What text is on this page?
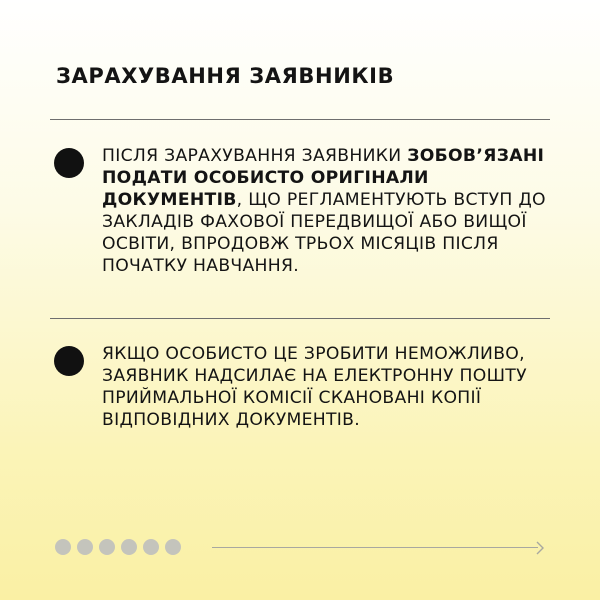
ЗАРАХУВАННЯ ЗАЯВНИКІВ
ПІСЛЯ ЗАРАХУВАННЯ ЗАЯВНИКИ ЗОБОВ’ЯЗАНІ ПОДАТИ ОСОБИСТО ОРИГІНАЛИ ДОКУМЕНТІВ, ЩО РЕГЛАМЕНТУЮТЬ ВСТУП ДО ЗАКЛАДІВ ФАХОВОЇ ПЕРЕДВИЩОЇ АБО ВИЩОЇ ОСВІТИ, ВПРОДОВЖ ТРЬОХ МІСЯЦІВ ПІСЛЯ ПОЧАТКУ НАВЧАННЯ.
ЯКЩО ОСОБИСТО ЦЕ ЗРОБИТИ НЕМОЖЛИВО, ЗАЯВНИК НАДСИЛАЄ НА ЕЛЕКТРОННУ ПОШТУ ПРИЙМАЛЬНОЇ КОМІСІЇ СКАНОВАНІ КОПІЇ ВІДПОВІДНИХ ДОКУМЕНТІВ.
